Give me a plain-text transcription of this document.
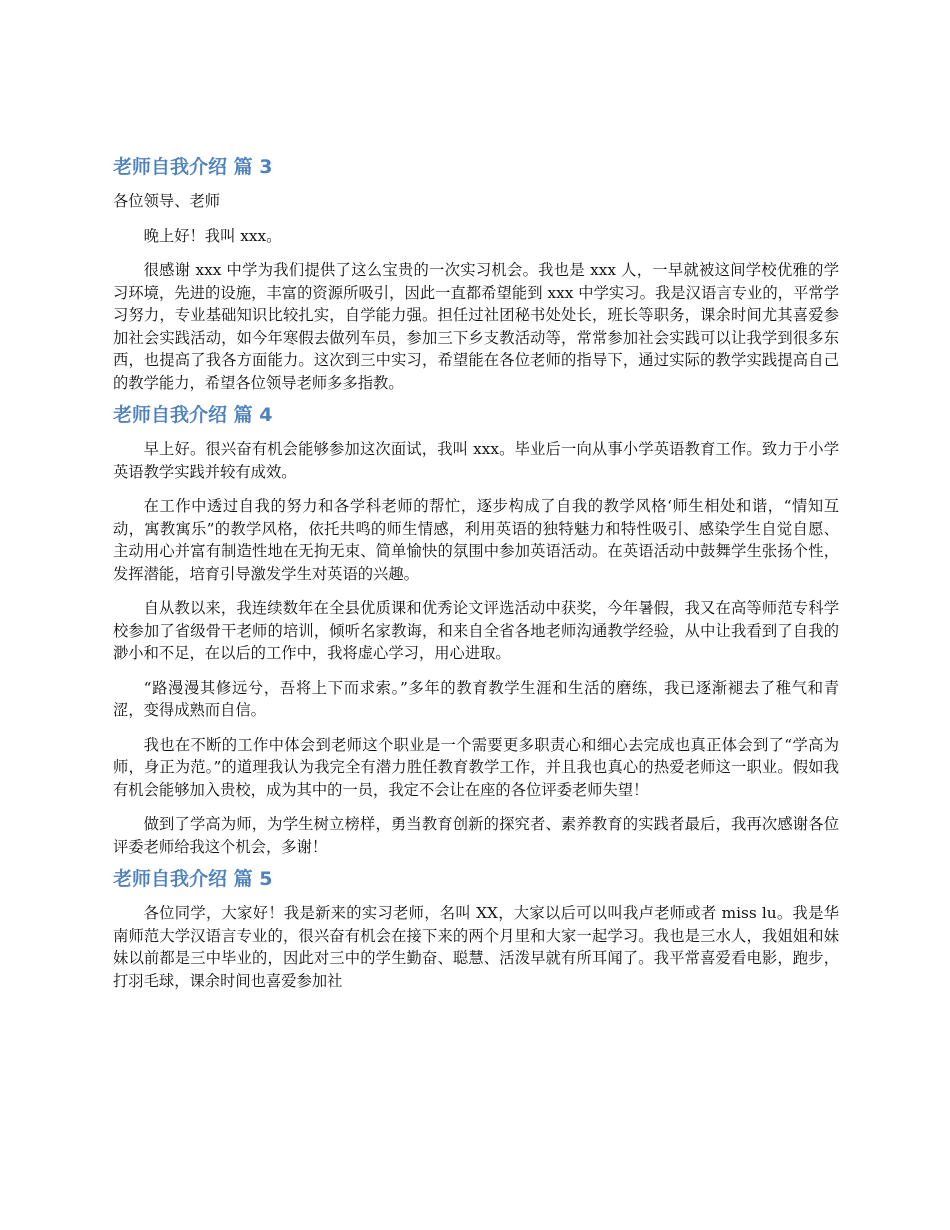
老师自我介绍 篇 3

各位领导、老师

晚上好！我叫 xxx。

很感谢 xxx 中学为我们提供了这么宝贵的一次实习机会。我也是 xxx 人，一早就被这间学校优雅的学习环境，先进的设施，丰富的资源所吸引，因此一直都希望能到 xxx 中学实习。我是汉语言专业的，平常学习努力，专业基础知识比较扎实，自学能力强。担任过社团秘书处处长，班长等职务，课余时间尤其喜爱参加社会实践活动，如今年寒假去做列车员，参加三下乡支教活动等，常常参加社会实践可以让我学到很多东西，也提高了我各方面能力。这次到三中实习，希望能在各位老师的指导下，通过实际的教学实践提高自己的教学能力，希望各位领导老师多多指教。

老师自我介绍 篇 4

早上好。很兴奋有机会能够参加这次面试，我叫 xxx。毕业后一向从事小学英语教育工作。致力于小学英语教学实践并较有成效。

在工作中透过自我的努力和各学科老师的帮忙，逐步构成了自我的教学风格‘师生相处和谐，“情知互动，寓教寓乐”的教学风格，依托共鸣的师生情感，利用英语的独特魅力和特性吸引、感染学生自觉自愿、主动用心并富有制造性地在无拘无束、简单愉快的氛围中参加英语活动。在英语活动中鼓舞学生张扬个性，发挥潜能，培育引导激发学生对英语的兴趣。

自从教以来，我连续数年在全县优质课和优秀论文评选活动中获奖，今年暑假，我又在高等师范专科学校参加了省级骨干老师的培训，倾听名家教诲，和来自全省各地老师沟通教学经验，从中让我看到了自我的渺小和不足，在以后的工作中，我将虚心学习，用心进取。

“路漫漫其修远兮，吾将上下而求索。”多年的教育教学生涯和生活的磨练，我已逐渐褪去了稚气和青涩，变得成熟而自信。

我也在不断的工作中体会到老师这个职业是一个需要更多职责心和细心去完成也真正体会到了“学高为师，身正为范。”的道理我认为我完全有潜力胜任教育教学工作，并且我也真心的热爱老师这一职业。假如我有机会能够加入贵校，成为其中的一员，我定不会让在座的各位评委老师失望！

做到了学高为师，为学生树立榜样，勇当教育创新的探究者、素养教育的实践者最后，我再次感谢各位评委老师给我这个机会，多谢！

老师自我介绍 篇 5

各位同学，大家好！我是新来的实习老师，名叫 XX，大家以后可以叫我卢老师或者 miss lu。我是华南师范大学汉语言专业的，很兴奋有机会在接下来的两个月里和大家一起学习。我也是三水人，我姐姐和妹妹以前都是三中毕业的，因此对三中的学生勤奋、聪慧、活泼早就有所耳闻了。我平常喜爱看电影，跑步，打羽毛球，课余时间也喜爱参加社
